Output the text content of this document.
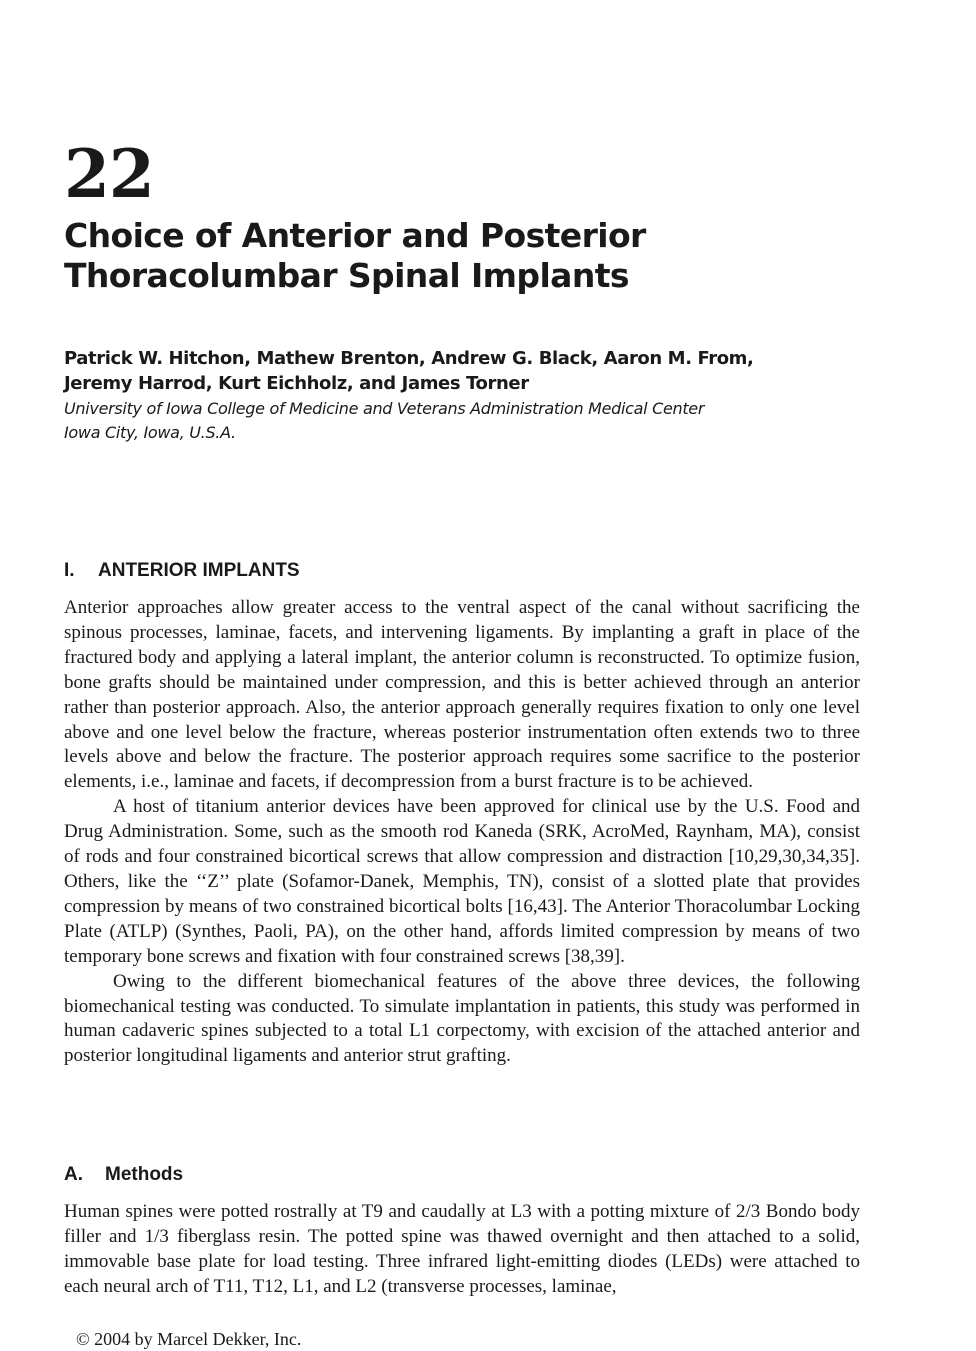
22
Choice of Anterior and Posterior
Thoracolumbar Spinal Implants
Patrick W. Hitchon, Mathew Brenton, Andrew G. Black, Aaron M. From,
Jeremy Harrod, Kurt Eichholz, and James Torner
University of Iowa College of Medicine and Veterans Administration Medical Center
Iowa City, Iowa, U.S.A.
I. ANTERIOR IMPLANTS

Anterior approaches allow greater access to the ventral aspect of the canal without sacrificing the spinous processes, laminae, facets, and intervening ligaments. By implanting a graft in place of the fractured body and applying a lateral implant, the anterior column is reconstructed. To optimize fusion, bone grafts should be maintained under compression, and this is better achieved through an anterior rather than posterior approach. Also, the anterior approach generally requires fixation to only one level above and one level below the fracture, whereas posterior instrumentation often extends two to three levels above and below the fracture. The posterior approach requires some sacrifice to the posterior elements, i.e., laminae and facets, if decompression from a burst fracture is to be achieved.

A host of titanium anterior devices have been approved for clinical use by the U.S. Food and Drug Administration. Some, such as the smooth rod Kaneda (SRK, AcroMed, Raynham, MA), consist of rods and four constrained bicortical screws that allow compression and distraction [10,29,30,34,35]. Others, like the ‘‘Z’’ plate (Sofamor-Danek, Memphis, TN), consist of a slotted plate that provides compression by means of two constrained bicortical bolts [16,43]. The Anterior Thoracolumbar Locking Plate (ATLP) (Synthes, Paoli, PA), on the other hand, affords limited compression by means of two temporary bone screws and fixation with four constrained screws [38,39].

Owing to the different biomechanical features of the above three devices, the following biomechanical testing was conducted. To simulate implantation in patients, this study was performed in human cadaveric spines subjected to a total L1 corpectomy, with excision of the attached anterior and posterior longitudinal ligaments and anterior strut grafting.

A. Methods

Human spines were potted rostrally at T9 and caudally at L3 with a potting mixture of 2/3 Bondo body filler and 1/3 fiberglass resin. The potted spine was thawed overnight and then attached to a solid, immovable base plate for load testing. Three infrared light-emitting diodes (LEDs) were attached to each neural arch of T11, T12, L1, and L2 (transverse processes, laminae,

© 2004 by Marcel Dekker, Inc.
